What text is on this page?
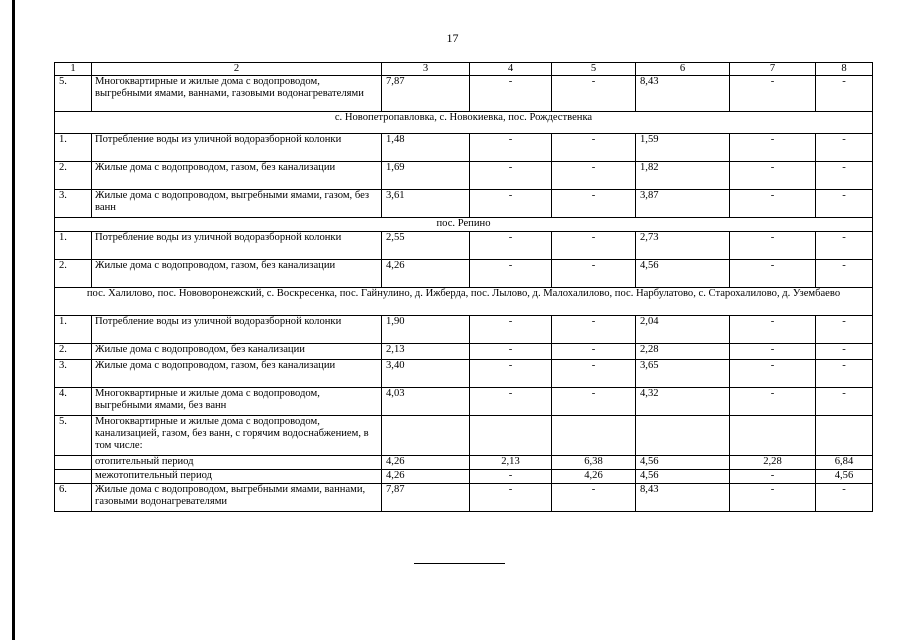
17
1	2	3	4	5	6	7	8
5.	Многоквартирные и жилые дома с водопроводом, выгребными ямами, ваннами, газовыми водонагревателями	7,87	-	-	8,43	-	-
с. Новопетропавловка, с. Новокиевка, пос. Рождественка							
1.	Потребление воды из уличной водоразборной колонки	1,48	-	-	1,59	-	-
2.	Жилые дома с водопроводом, газом, без канализации	1,69	-	-	1,82	-	-
3.	Жилые дома с водопроводом, выгребными ямами, газом, без ванн	3,61	-	-	3,87	-	-
пос. Репино							
1.	Потребление воды из уличной водоразборной колонки	2,55	-	-	2,73	-	-
2.	Жилые дома с водопроводом, газом, без канализации	4,26	-	-	4,56	-	-
пос. Халилово, пос. Нововоронежский, с. Воскресенка, пос. Гайнулино, д. Ижберда, пос. Лылово, д. Малохалилово, пос. Нарбулатово, с. Старохалилово, д. Узембаево							
1.	Потребление воды из уличной водоразборной колонки	1,90	-	-	2,04	-	-
2.	Жилые дома с водопроводом, без канализации	2,13	-	-	2,28	-	-
3.	Жилые дома с водопроводом, газом, без канализации	3,40	-	-	3,65	-	-
4.	Многоквартирные и жилые дома с водопроводом, выгребными ямами, без ванн	4,03	-	-	4,32	-	-
5.	Многоквартирные и жилые дома с водопроводом, канализацией, газом, без ванн, с горячим водоснабжением, в том числе:						
	отопительный период	4,26	2,13	6,38	4,56	2,28	6,84
	межотопительный период	4,26	-	4,26	4,56	-	4,56
6.	Жилые дома с водопроводом, выгребными ямами, ваннами, газовыми водонагревателями	7,87	-	-	8,43	-	-
